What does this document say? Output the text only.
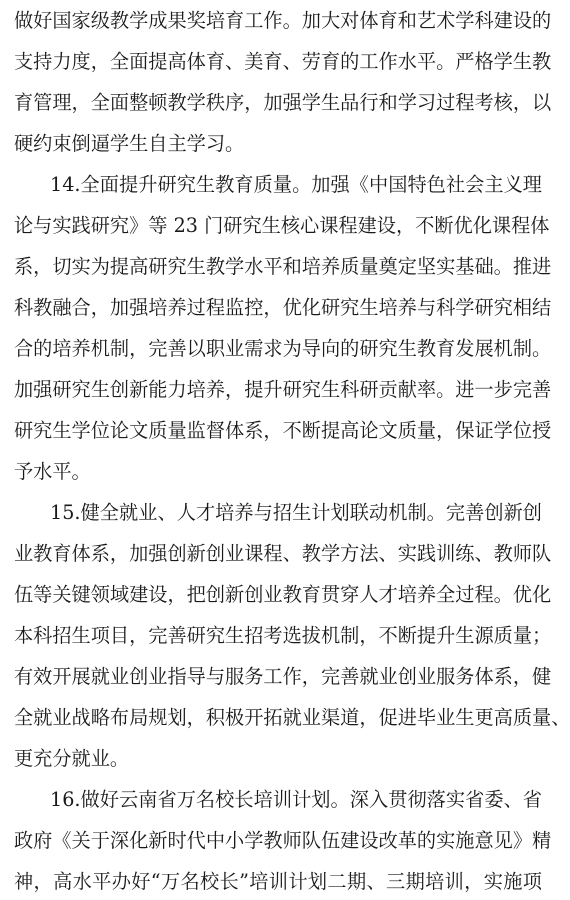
做好国家级教学成果奖培育工作。加大对体育和艺术学科建设的
支持力度，全面提高体育、美育、劳育的工作水平。严格学生教
育管理，全面整顿教学秩序，加强学生品行和学习过程考核，以
硬约束倒逼学生自主学习。
14.全面提升研究生教育质量。加强《中国特色社会主义理
论与实践研究》等 23 门研究生核心课程建设，不断优化课程体
系，切实为提高研究生教学水平和培养质量奠定坚实基础。推进
科教融合，加强培养过程监控，优化研究生培养与科学研究相结
合的培养机制，完善以职业需求为导向的研究生教育发展机制。
加强研究生创新能力培养，提升研究生科研贡献率。进一步完善
研究生学位论文质量监督体系，不断提高论文质量，保证学位授
予水平。
15.健全就业、人才培养与招生计划联动机制。完善创新创
业教育体系，加强创新创业课程、教学方法、实践训练、教师队
伍等关键领域建设，把创新创业教育贯穿人才培养全过程。优化
本科招生项目，完善研究生招考选拔机制，不断提升生源质量；
有效开展就业创业指导与服务工作，完善就业创业服务体系，健
全就业战略布局规划，积极开拓就业渠道，促进毕业生更高质量、
更充分就业。
16.做好云南省万名校长培训计划。深入贯彻落实省委、省
政府《关于深化新时代中小学教师队伍建设改革的实施意见》精
神，高水平办好“万名校长”培训计划二期、三期培训，实施项
